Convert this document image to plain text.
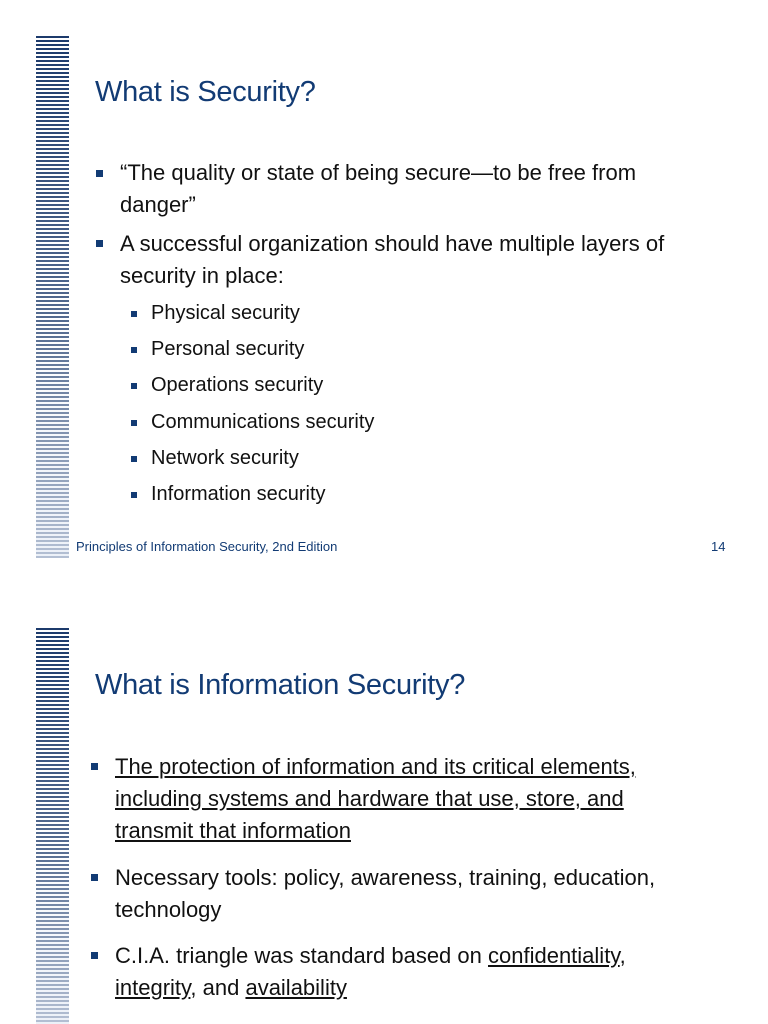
What is Security?

“The quality or state of being secure—to be free from
danger”

A successful organization should have multiple layers of
security in place:

Physical security

Personal security

Operations security

Communications security

Network security

Information security

Principles of Information Security, 2nd Edition	14
What is Information Security?

The protection of information and its critical elements,
including systems and hardware that use, store, and
transmit that information

Necessary tools: policy, awareness, training, education,
technology

C.I.A. triangle was standard based on confidentiality,
integrity, and availability
